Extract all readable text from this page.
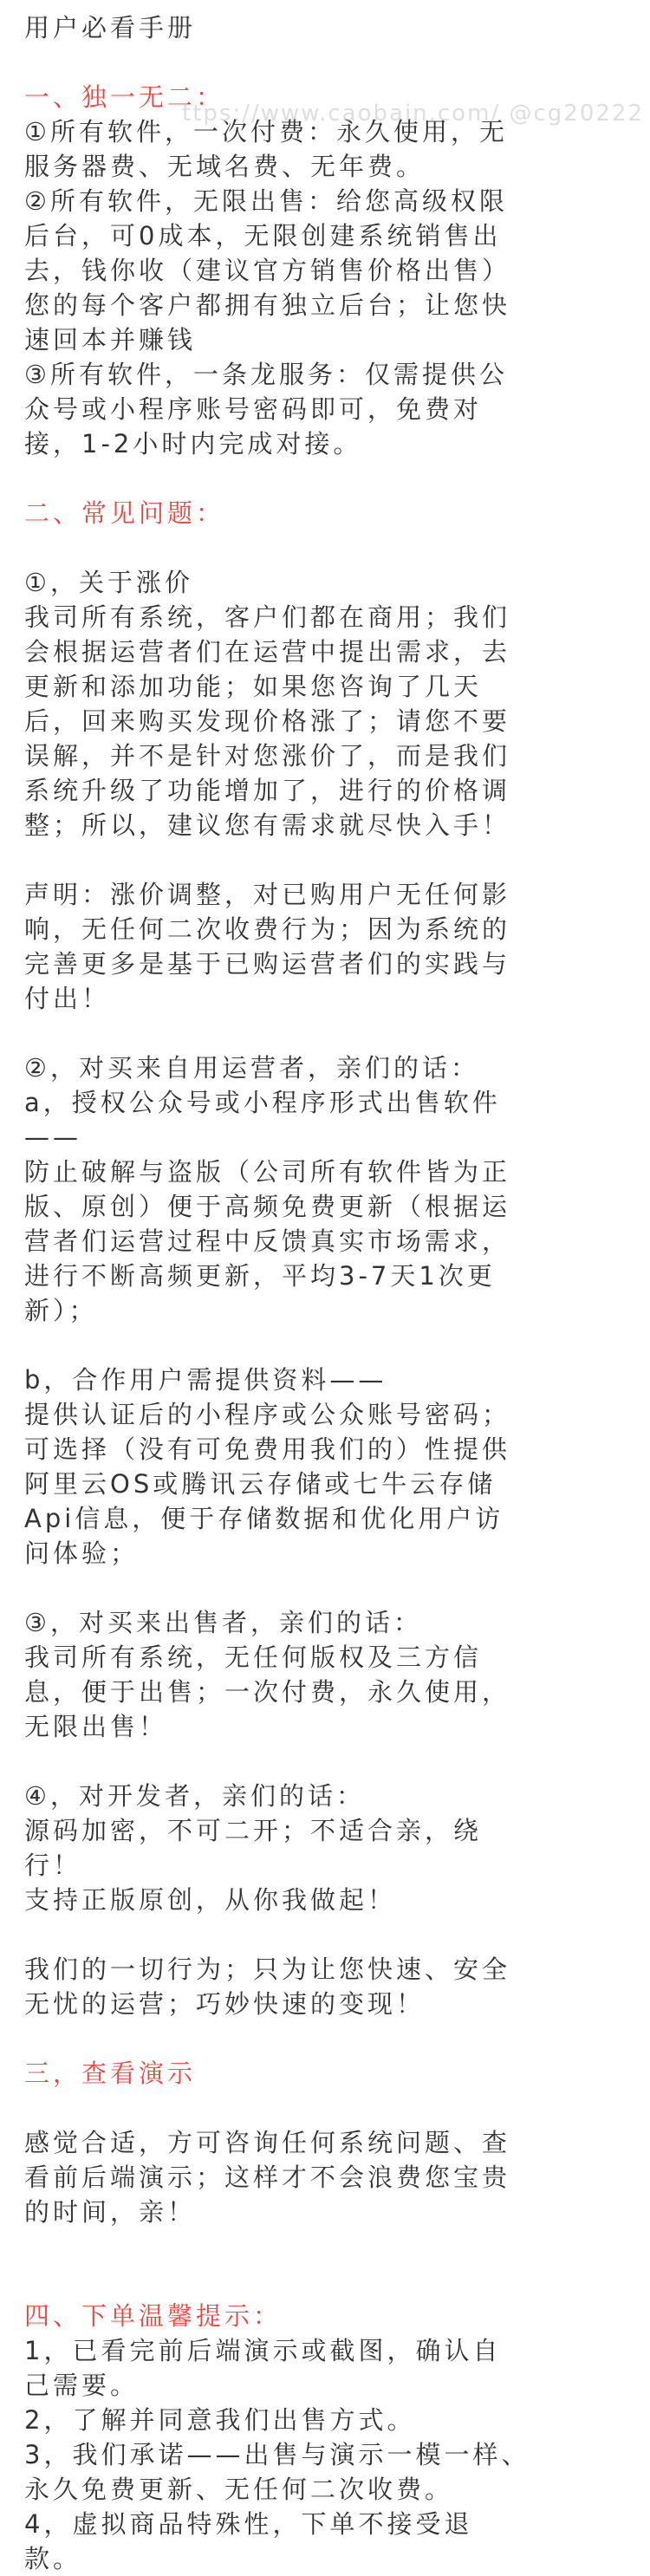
ttps://www.caobain.com/ @cg20222
用户必看手册
一、独一无二：
①所有软件，一次付费：永久使用，无
服务器费、无域名费、无年费。
②所有软件，无限出售：给您高级权限
后台，可0成本，无限创建系统销售出
去，钱你收（建议官方销售价格出售）
您的每个客户都拥有独立后台；让您快
速回本并赚钱
③所有软件，一条龙服务：仅需提供公
众号或小程序账号密码即可，免费对
接，1-2小时内完成对接。
二、常见问题：
①，关于涨价
我司所有系统，客户们都在商用；我们
会根据运营者们在运营中提出需求，去
更新和添加功能；如果您咨询了几天
后，回来购买发现价格涨了；请您不要
误解，并不是针对您涨价了，而是我们
系统升级了功能增加了，进行的价格调
整；所以，建议您有需求就尽快入手！
声明：涨价调整，对已购用户无任何影
响，无任何二次收费行为；因为系统的
完善更多是基于已购运营者们的实践与
付出！
②，对买来自用运营者，亲们的话：
a，授权公众号或小程序形式出售软件
——
防止破解与盗版（公司所有软件皆为正
版、原创）便于高频免费更新（根据运
营者们运营过程中反馈真实市场需求，
进行不断高频更新，平均3-7天1次更
新）；
b，合作用户需提供资料——
提供认证后的小程序或公众账号密码；
可选择（没有可免费用我们的）性提供
阿里云OS或腾讯云存储或七牛云存储
Api信息，便于存储数据和优化用户访
问体验；
③，对买来出售者，亲们的话：
我司所有系统，无任何版权及三方信
息，便于出售；一次付费，永久使用，
无限出售！
④，对开发者，亲们的话：
源码加密，不可二开；不适合亲，绕
行！
支持正版原创，从你我做起！
我们的一切行为；只为让您快速、安全
无忧的运营；巧妙快速的变现！
三，查看演示
感觉合适，方可咨询任何系统问题、查
看前后端演示；这样才不会浪费您宝贵
的时间，亲！
四、下单温馨提示：
1，已看完前后端演示或截图，确认自
己需要。
2，了解并同意我们出售方式。
3，我们承诺——出售与演示一模一样、
永久免费更新、无任何二次收费。
4，虚拟商品特殊性，下单不接受退
款。
